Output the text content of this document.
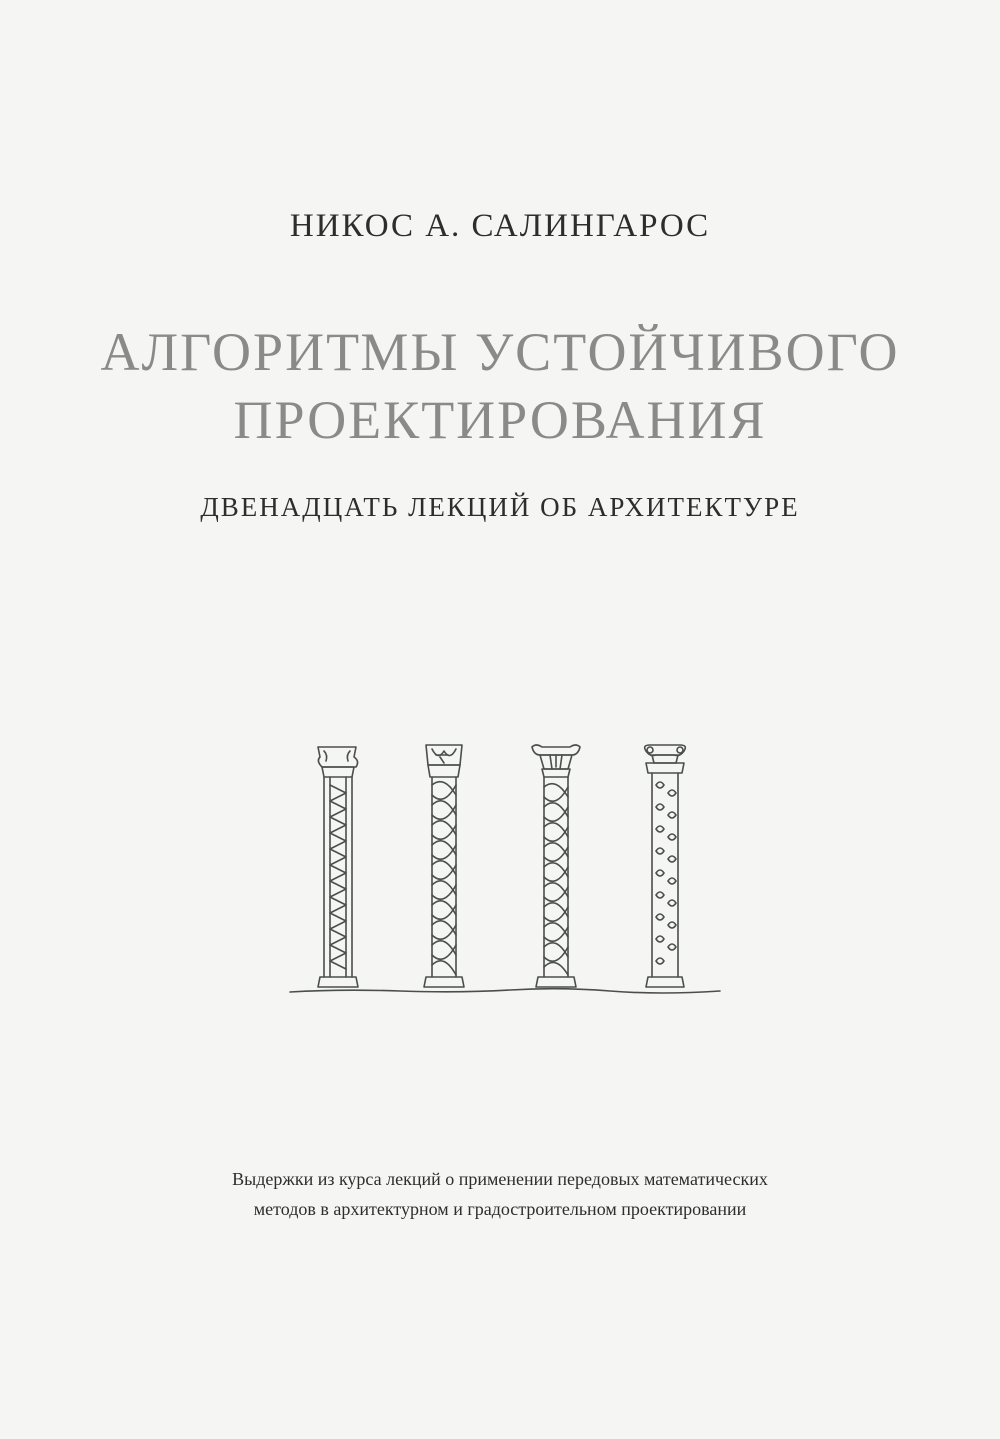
НИКОС А. САЛИНГАРОС
АЛГОРИТМЫ УСТОЙЧИВОГО
ПРОЕКТИРОВАНИЯ
ДВЕНАДЦАТЬ ЛЕКЦИЙ ОБ АРХИТЕКТУРЕ
Выдержки из курса лекций о применении передовых математических
методов в архитектурном и градостроительном проектировании
